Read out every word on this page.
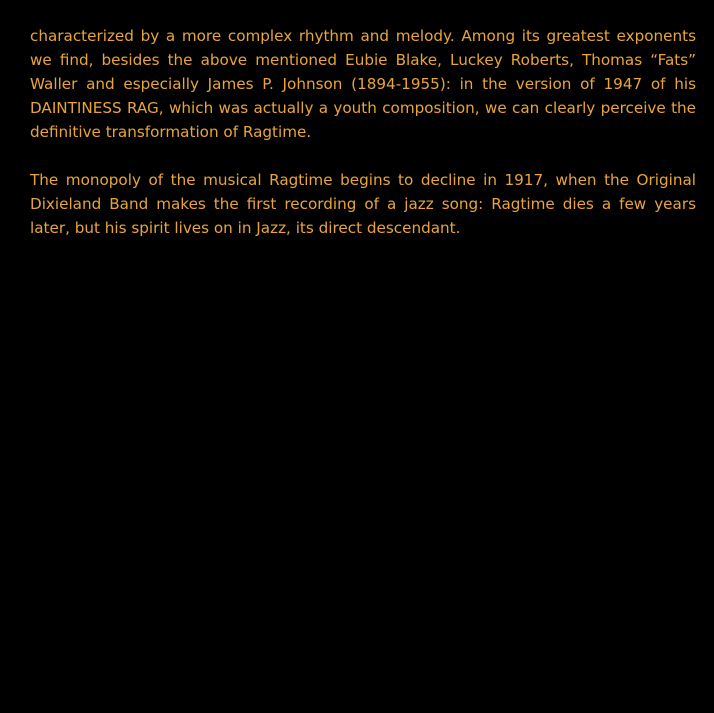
characterized by a more complex rhythm and melody. Among its greatest exponents we find, besides the above mentioned Eubie Blake, Luckey Roberts, Thomas “Fats” Waller and especially James P. Johnson (1894-1955): in the version of 1947 of his DAINTINESS RAG, which was actually a youth composition, we can clearly perceive the definitive transformation of Ragtime.

The monopoly of the musical Ragtime begins to decline in 1917, when the Original Dixieland Band makes the first recording of a jazz song: Ragtime dies a few years later, but his spirit lives on in Jazz, its direct descendant.
